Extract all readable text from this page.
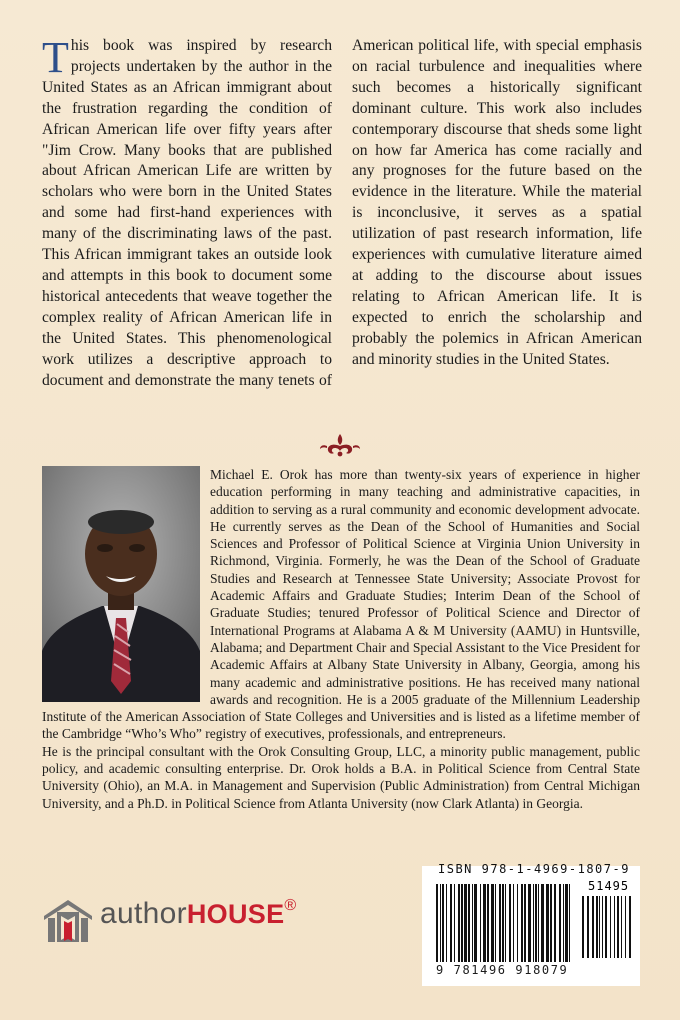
This book was inspired by research projects undertaken by the author in the United States as an African immigrant about the frustration regarding the condition of African American life over fifty years after "Jim Crow. Many books that are published about African American Life are written by scholars who were born in the United States and some had first-hand experiences with many of the discriminating laws of the past. This African immigrant takes an outside look and attempts in this book to document some historical antecedents that weave together the complex reality of African American life in the United States. This phenomenological work utilizes a descriptive approach to document and demonstrate the many tenets of American political life, with special emphasis on racial turbulence and inequalities where such becomes a historically significant dominant culture. This work also includes contemporary discourse that sheds some light on how far America has come racially and any prognoses for the future based on the evidence in the literature. While the material is inconclusive, it serves as a spatial utilization of past research information, life experiences with cumulative literature aimed at adding to the discourse about issues relating to African American life. It is expected to enrich the scholarship and probably the polemics in African American and minority studies in the United States.

Michael E. Orok has more than twenty-six years of experience in higher education performing in many teaching and administrative capacities, in addition to serving as a rural community and economic development advocate. He currently serves as the Dean of the School of Humanities and Social Sciences and Professor of Political Science at Virginia Union University in Richmond, Virginia. Formerly, he was the Dean of the School of Graduate Studies and Research at Tennessee State University; Associate Provost for Academic Affairs and Graduate Studies; Interim Dean of the School of Graduate Studies; tenured Professor of Political Science and Director of International Programs at Alabama A & M University (AAMU) in Huntsville, Alabama; and Department Chair and Special Assistant to the Vice President for Academic Affairs at Albany State University in Albany, Georgia, among his many academic and administrative positions. He has received many national awards and recognition. He is a 2005 graduate of the Millennium Leadership Institute of the American Association of State Colleges and Universities and is listed as a lifetime member of the Cambridge “Who’s Who” registry of executives, professionals, and entrepreneurs.

He is the principal consultant with the Orok Consulting Group, LLC, a minority public management, public policy, and academic consulting enterprise. Dr. Orok holds a B.A. in Political Science from Central State University (Ohio), an M.A. in Management and Supervision (Public Administration) from Central Michigan University, and a Ph.D. in Political Science from Atlanta University (now Clark Atlanta) in Georgia.

authorHOUSE®
51495
ISBN 978-1-4969-1807-9
9 781496 918079
